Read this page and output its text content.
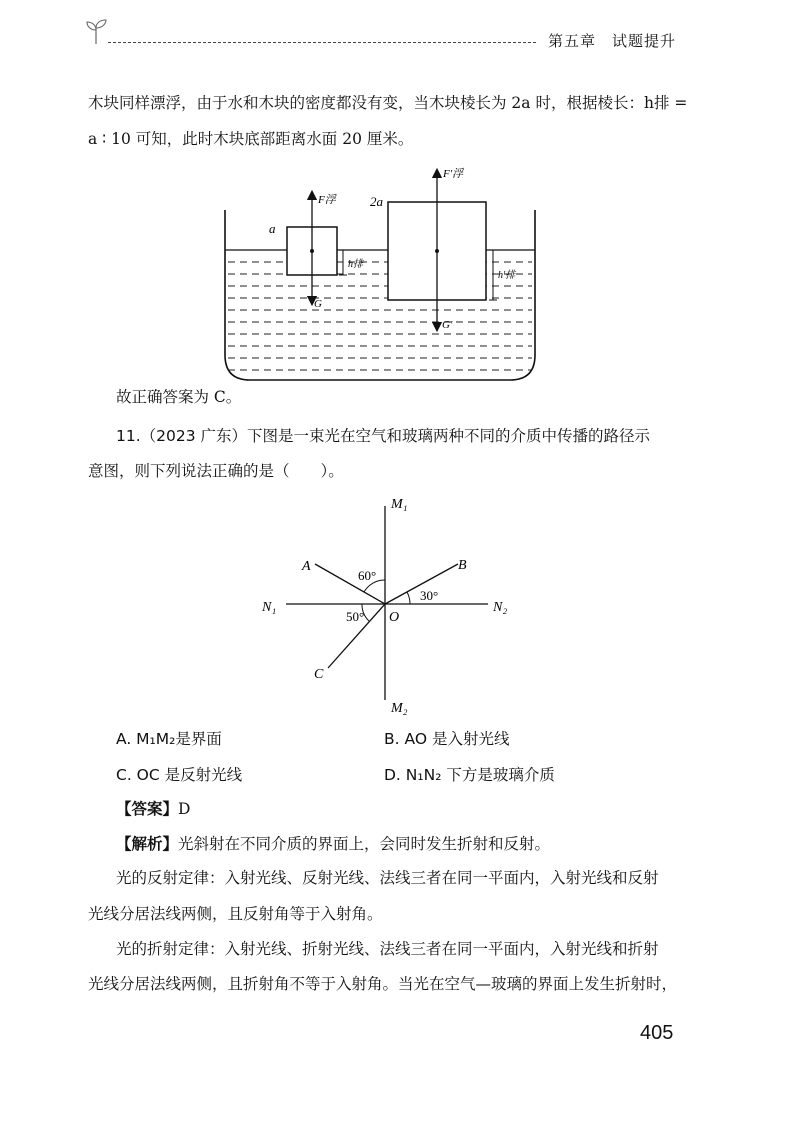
第五章　试题提升
木块同样漂浮，由于水和木块的密度都没有变，当木块棱长为 2a 时，根据棱长：h排 =
a ∶ 10 可知，此时木块底部距离水面 20 厘米。
a
2a
F浮
F′浮
G
G′
h排
h′排
故正确答案为 C。
11.（2023 广东）下图是一束光在空气和玻璃两种不同的介质中传播的路径示
意图，则下列说法正确的是（　　）。
M₁
M₂
N₁	N₂
A	B
C
O
60°
30°
50°
A. M₁M₂是界面	B. AO 是入射光线
C. OC 是反射光线	D. N₁N₂ 下方是玻璃介质
【答案】D
【解析】光斜射在不同介质的界面上，会同时发生折射和反射。
光的反射定律：入射光线、反射光线、法线三者在同一平面内，入射光线和反射
光线分居法线两侧，且反射角等于入射角。
光的折射定律：入射光线、折射光线、法线三者在同一平面内，入射光线和折射
光线分居法线两侧，且折射角不等于入射角。当光在空气—玻璃的界面上发生折射时，
405
